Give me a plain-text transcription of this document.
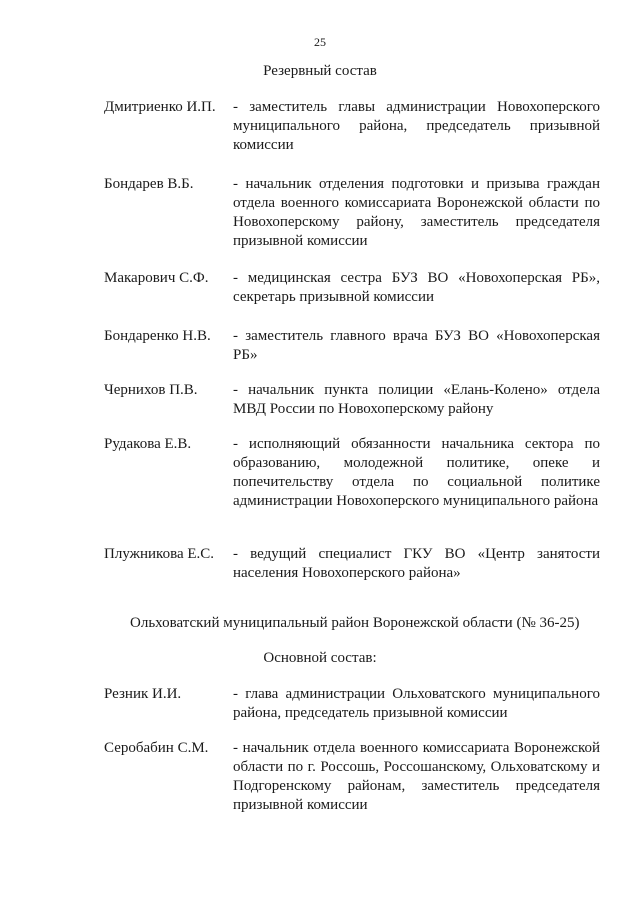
25
Резервный состав
Дмитриенко И.П. - заместитель главы администрации Новохоперского муниципального района, председатель призывной комиссии
Бондарев В.Б.	- начальник отделения подготовки и призыва граждан отдела военного комиссариата Воронежской области по Новохоперскому району, заместитель председателя призывной комиссии
Макарович С.Ф. - медицинская сестра БУЗ ВО «Новохоперская РБ», секретарь призывной комиссии
Бондаренко Н.В. - заместитель главного врача БУЗ ВО «Новохоперская РБ»
Чернихов П.В. - начальник пункта полиции «Елань-Колено» отдела МВД России по Новохоперскому району
Рудакова Е.В.	- исполняющий обязанности начальника сектора по образованию, молодежной политике, опеке и попечительству отдела по социальной политике администрации Новохоперского муниципального района
Плужникова Е.С. - ведущий специалист ГКУ ВО «Центр занятости населения Новохоперского района»
Ольховатский муниципальный район Воронежской области (№ 36-25)
Основной состав:
Резник И.И.	- глава администрации Ольховатского муниципального района, председатель призывной комиссии
Серобабин С.М. - начальник отдела военного комиссариата Воронежской области по г. Россошь, Россошанскому, Ольховатскому и Подгоренскому районам, заместитель председателя призывной комиссии
